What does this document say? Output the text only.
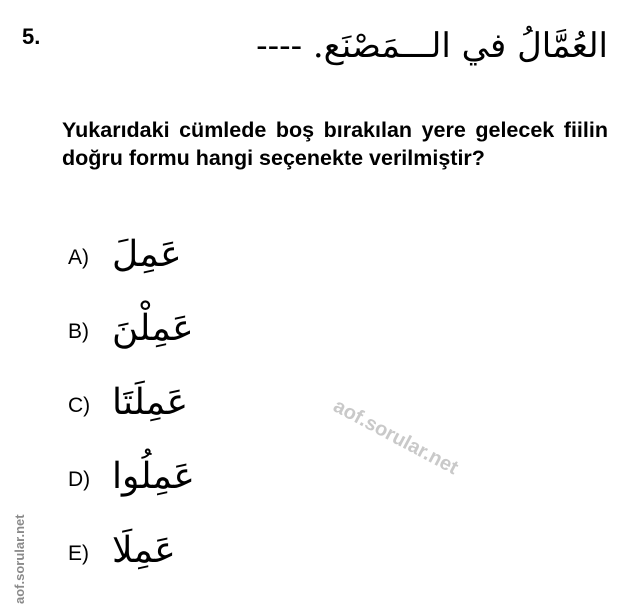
5.	العُمَّالُ في الـــمَصْنَع. ----
Yukarıdaki cümlede boş bırakılan yere gelecek fiilin doğru formu hangi seçenekte verilmiştir?
A) عَمِلَ
B) عَمِلْنَ
C) عَمِلَتَا
D) عَمِلُوا
E) عَمِلَا
aof.sorular.net
aof.sorular.net
